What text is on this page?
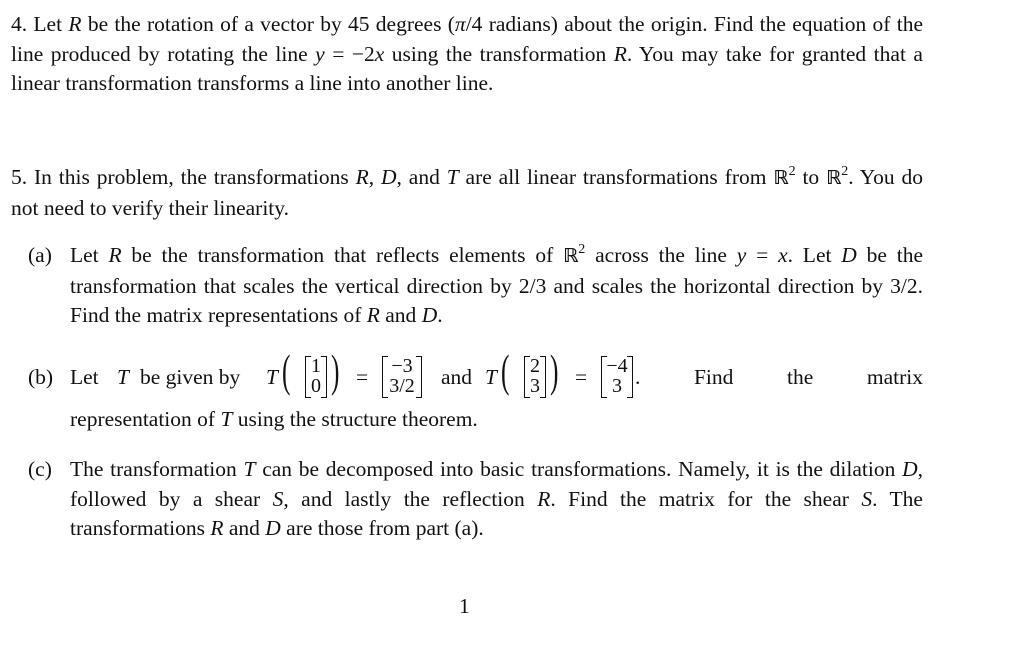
4. Let R be the rotation of a vector by 45 degrees (π/4 radians) about the origin. Find the equation of the line produced by rotating the line y = −2x using the transformation R. You may take for granted that a linear transformation transforms a line into another line.
5. In this problem, the transformations R, D, and T are all linear transformations from ℝ$^2$ to ℝ$^2$. You do not need to verify their linearity.
(a) Let R be the transformation that reflects elements of ℝ$^2$ across the line y = x. Let D be the transformation that scales the vertical direction by 2/3 and scales the horizontal direction by 3/2. Find the matrix representations of R and D.
(b) Let T be given by T (	1
0 ) =	−3
3/2	and T (	2
3 ) = −4
3 . Find the matrix
representation of T using the structure theorem.
(c) The transformation T can be decomposed into basic transformations. Namely, it is the dilation D, followed by a shear S, and lastly the reflection R. Find the matrix for the shear S. The transformations R and D are those from part (a).
1
